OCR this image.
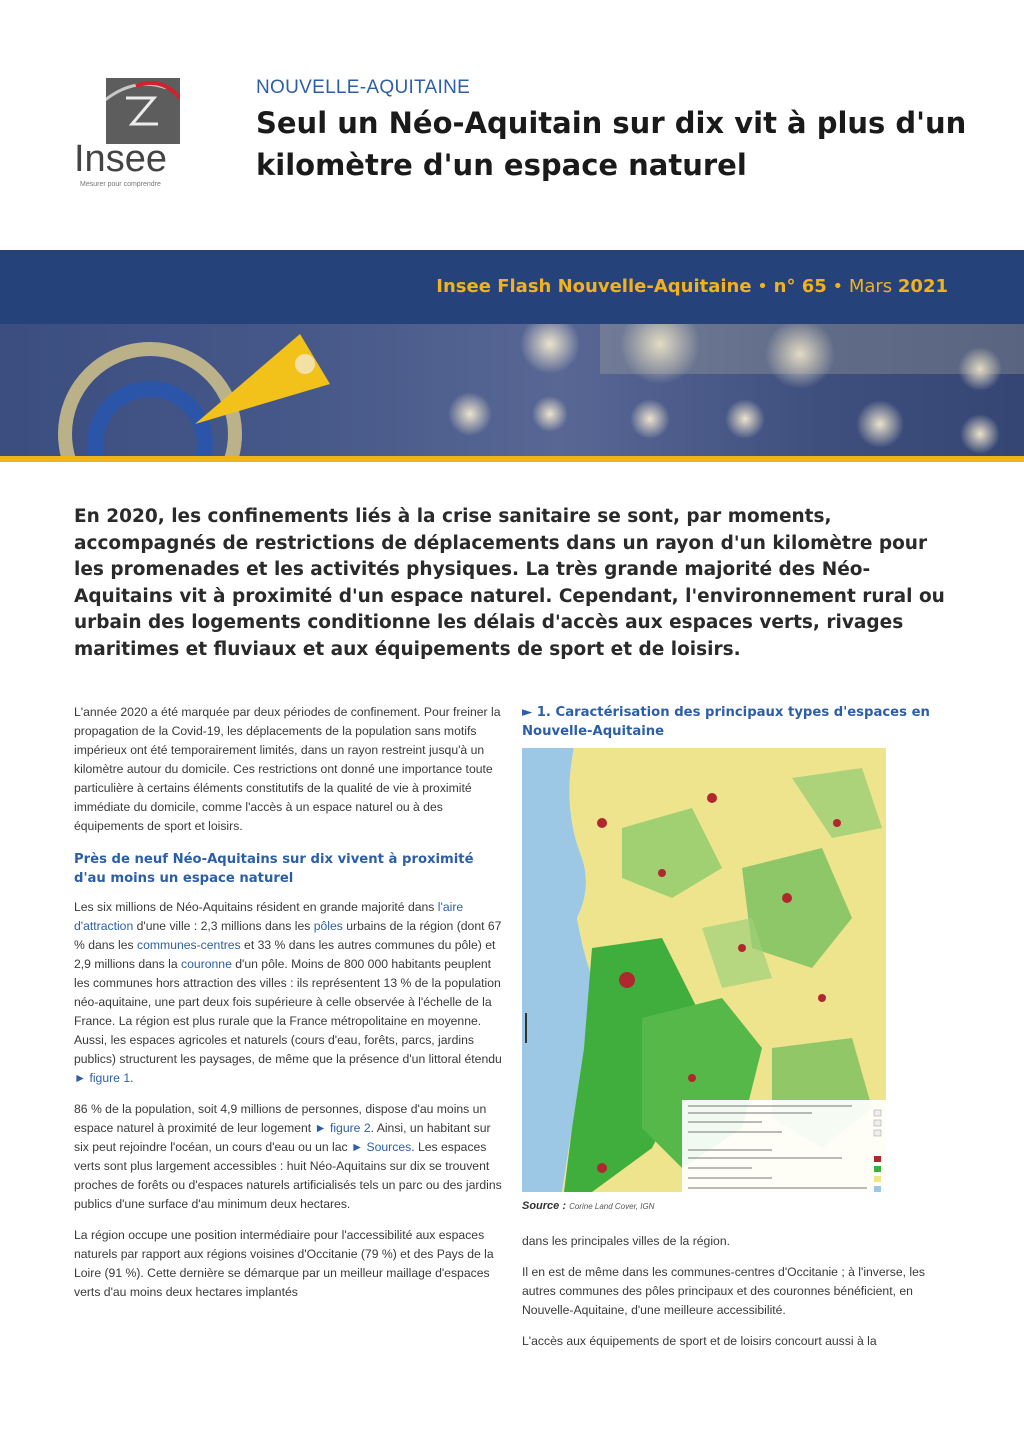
Insee
Mesurer pour comprendre
NOUVELLE-AQUITAINE
Seul un Néo-Aquitain sur dix vit à plus d'un kilomètre d'un espace naturel
Insee Flash Nouvelle-Aquitaine • n° 65 • Mars 2021

En 2020, les confinements liés à la crise sanitaire se sont, par moments, accompagnés de restrictions de déplacements dans un rayon d'un kilomètre pour les promenades et les activités physiques. La très grande majorité des Néo-Aquitains vit à proximité d'un espace naturel. Cependant, l'environnement rural ou urbain des logements conditionne les délais d'accès aux espaces verts, rivages maritimes et fluviaux et aux équipements de sport et de loisirs.

L'année 2020 a été marquée par deux périodes de confinement. Pour freiner la propagation de la Covid-19, les déplacements de la population sans motifs impérieux ont été temporairement limités, dans un rayon restreint jusqu'à un kilomètre autour du domicile. Ces restrictions ont donné une importance toute particulière à certains éléments constitutifs de la qualité de vie à proximité immédiate du domicile, comme l'accès à un espace naturel ou à des équipements de sport et loisirs.

Près de neuf Néo-Aquitains sur dix vivent à proximité d'au moins un espace naturel

Les six millions de Néo-Aquitains résident en grande majorité dans l'aire d'attraction d'une ville : 2,3 millions dans les pôles urbains de la région (dont 67 % dans les communes-centres et 33 % dans les autres communes du pôle) et 2,9 millions dans la couronne d'un pôle. Moins de 800 000 habitants peuplent les communes hors attraction des villes : ils représentent 13 % de la population néo-aquitaine, une part deux fois supérieure à celle observée à l'échelle de la France. La région est plus rurale que la France métropolitaine en moyenne. Aussi, les espaces agricoles et naturels (cours d'eau, forêts, parcs, jardins publics) structurent les paysages, de même que la présence d'un littoral étendu ► figure 1.

86 % de la population, soit 4,9 millions de personnes, dispose d'au moins un espace naturel à proximité de leur logement ► figure 2. Ainsi, un habitant sur six peut rejoindre l'océan, un cours d'eau ou un lac ► Sources. Les espaces verts sont plus largement accessibles : huit Néo-Aquitains sur dix se trouvent proches de forêts ou d'espaces naturels artificialisés tels un parc ou des jardins publics d'une surface d'au minimum deux hectares.

La région occupe une position intermédiaire pour l'accessibilité aux espaces naturels par rapport aux régions voisines d'Occitanie (79 %) et des Pays de la Loire (91 %). Cette dernière se démarque par un meilleur maillage d'espaces verts d'au moins deux hectares implantés

► 1. Caractérisation des principaux types d'espaces en Nouvelle-Aquitaine
Source : Corine Land Cover, IGN

dans les principales villes de la région.

Il en est de même dans les communes-centres d'Occitanie ; à l'inverse, les autres communes des pôles principaux et des couronnes bénéficient, en Nouvelle-Aquitaine, d'une meilleure accessibilité.

L'accès aux équipements de sport et de loisirs concourt aussi à la
